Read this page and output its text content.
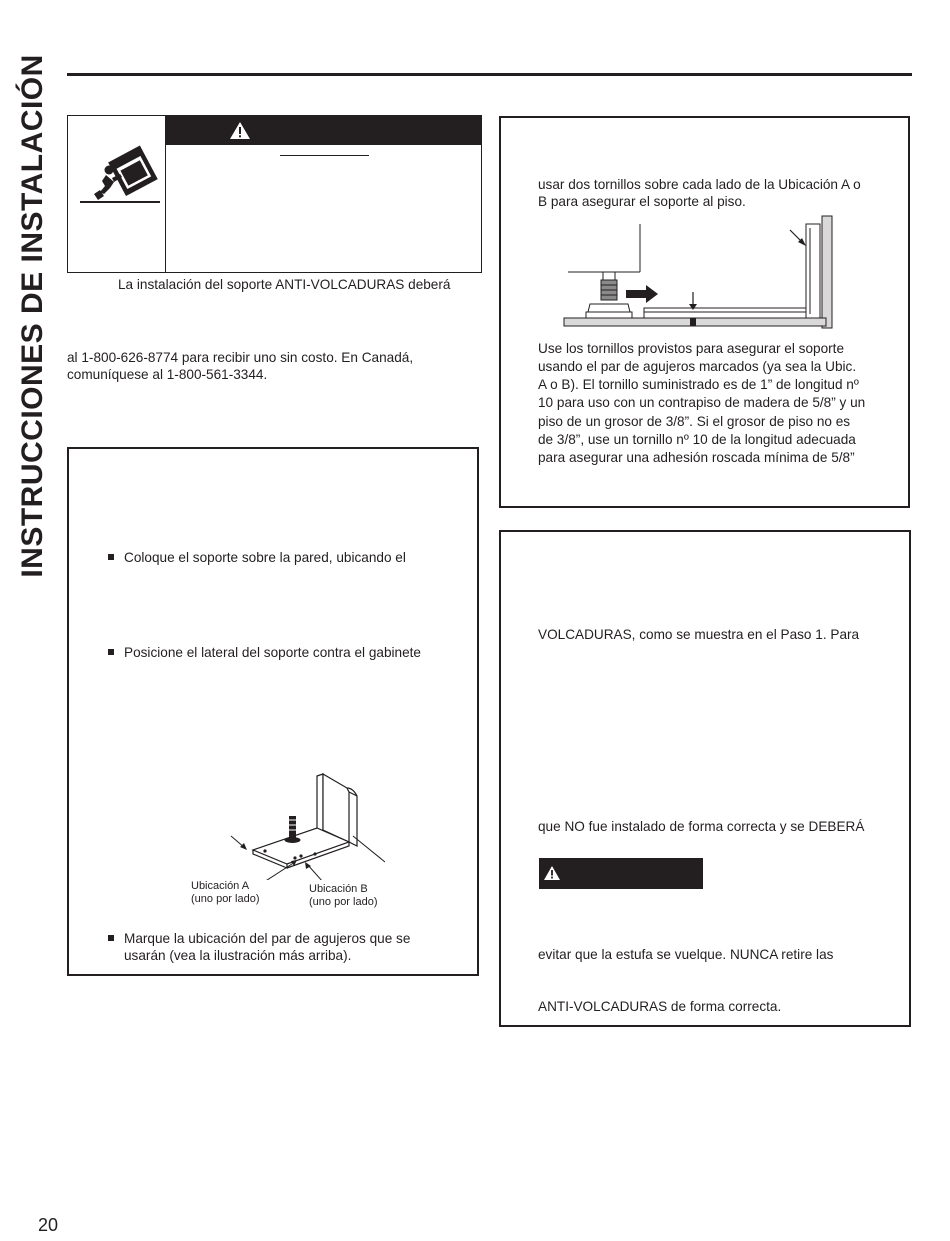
INSTRUCCIONES DE INSTALACIÓN	La instalación del soporte ANTI-VOLCADURAS deberá
al 1-800-626-8774 para recibir uno sin costo. En Canadá,
comuníquese al 1-800-561-3344.
Coloque el soporte sobre la pared, ubicando el
Posicione el lateral del soporte contra el gabinete
Ubicación A
(uno por lado)
Ubicación B
(uno por lado)
Marque la ubicación del par de agujeros que se
usarán (vea la ilustración más arriba).
usar dos tornillos sobre cada lado de la Ubicación A o
B para asegurar el soporte al piso.
Use los tornillos provistos para asegurar el soporte
usando el par de agujeros marcados (ya sea la Ubic.
A o B). El tornillo suministrado es de 1” de longitud nº
10 para uso con un contrapiso de madera de 5/8” y un
piso de un grosor de 3/8”. Si el grosor de piso no es
de 3/8”, use un tornillo nº 10 de la longitud adecuada
para asegurar una adhesión roscada mínima de 5/8”
VOLCADURAS, como se muestra en el Paso 1. Para
que NO fue instalado de forma correcta y se DEBERÁ
evitar que la estufa se vuelque. NUNCA retire las
ANTI-VOLCADURAS de forma correcta.
20
